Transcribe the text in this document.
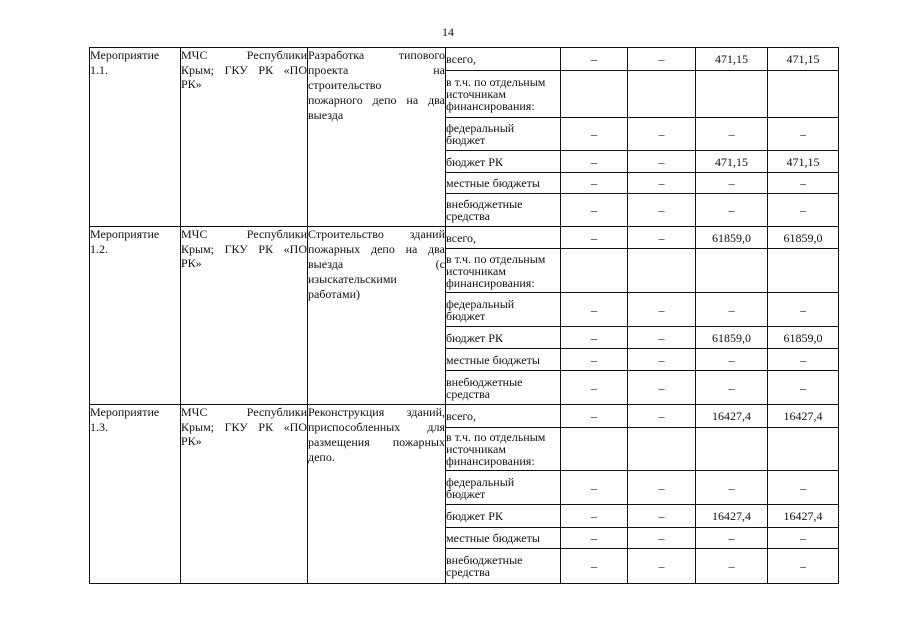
14
Мероприятие
1.1.	МЧС Республики
Крым; ГКУ РК «ПО
РК»	Разработка типового
проекта на
строительство
пожарного депо на два
выезда	всего,	–	–	471,15	471,15
			в т.ч. по отдельным
источникам
финансирования:				
			федеральный
бюджет	–	–	–	–
			бюджет РК	–	–	471,15	471,15
			местные бюджеты	–	–	–	–
			внебюджетные
средства	–	–	–	–
Мероприятие
1.2.	МЧС Республики
Крым; ГКУ РК «ПО
РК»	Строительство зданий
пожарных депо на два
выезда (с
изыскательскими
работами)	всего,	–	–	61859,0	61859,0
			в т.ч. по отдельным
источникам
финансирования:				
			федеральный
бюджет	–	–	–	–
			бюджет РК	–	–	61859,0	61859,0
			местные бюджеты	–	–	–	–
			внебюджетные
средства	–	–	–	–
Мероприятие
1.3.	МЧС Республики
Крым; ГКУ РК «ПО
РК»	Реконструкция зданий,
приспособленных для
размещения пожарных
депо.	всего,	–	–	16427,4	16427,4
			в т.ч. по отдельным
источникам
финансирования:				
			федеральный
бюджет	–	–	–	–
			бюджет РК	–	–	16427,4	16427,4
			местные бюджеты	–	–	–	–
			внебюджетные
средства	–	–	–	–
